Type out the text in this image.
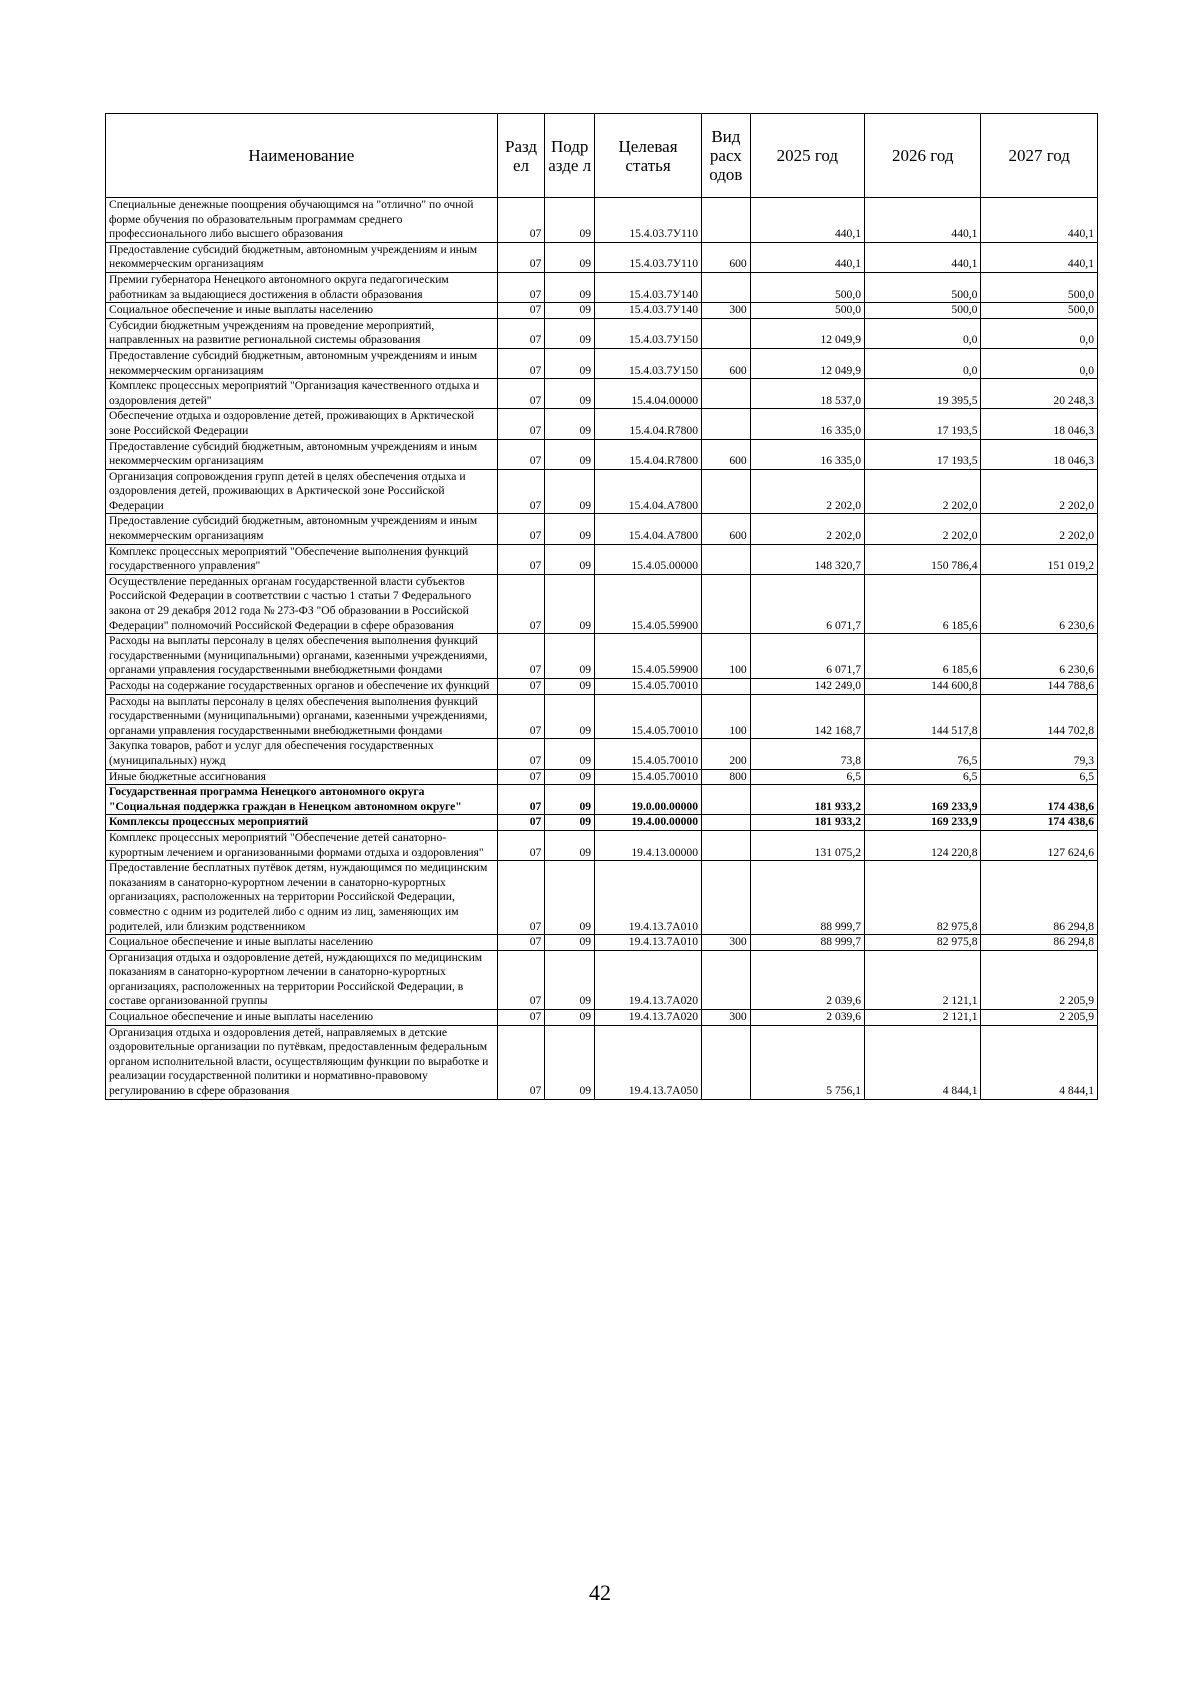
Наименование	Разд ел	Подр азде л	Целевая статья	Вид расх одов	2025 год	2026 год	2027 год
Специальные денежные поощрения обучающимся на "отлично" по очной форме обучения по образовательным программам среднего профессионального либо высшего образования	07	09	15.4.03.7У110		440,1	440,1	440,1
Предоставление субсидий бюджетным, автономным учреждениям и иным некоммерческим организациям	07	09	15.4.03.7У110	600	440,1	440,1	440,1
Премии губернатора Ненецкого автономного округа педагогическим работникам за выдающиеся достижения в области образования	07	09	15.4.03.7У140		500,0	500,0	500,0
Социальное обеспечение и иные выплаты населению	07	09	15.4.03.7У140	300	500,0	500,0	500,0
Субсидии бюджетным учреждениям на проведение мероприятий, направленных на развитие региональной системы образования	07	09	15.4.03.7У150		12 049,9	0,0	0,0
Предоставление субсидий бюджетным, автономным учреждениям и иным некоммерческим организациям	07	09	15.4.03.7У150	600	12 049,9	0,0	0,0
Комплекс процессных мероприятий "Организация качественного отдыха и оздоровления детей"	07	09	15.4.04.00000		18 537,0	19 395,5	20 248,3
Обеспечение отдыха и оздоровление детей, проживающих в Арктической зоне Российской Федерации	07	09	15.4.04.R7800		16 335,0	17 193,5	18 046,3
Предоставление субсидий бюджетным, автономным учреждениям и иным некоммерческим организациям	07	09	15.4.04.R7800	600	16 335,0	17 193,5	18 046,3
Организация сопровождения групп детей в целях обеспечения отдыха и оздоровления детей, проживающих в Арктической зоне Российской Федерации	07	09	15.4.04.А7800		2 202,0	2 202,0	2 202,0
Предоставление субсидий бюджетным, автономным учреждениям и иным некоммерческим организациям	07	09	15.4.04.А7800	600	2 202,0	2 202,0	2 202,0
Комплекс процессных мероприятий "Обеспечение выполнения функций государственного управления"	07	09	15.4.05.00000		148 320,7	150 786,4	151 019,2
Осуществление переданных органам государственной власти субъектов Российской Федерации в соответствии с частью 1 статьи 7 Федерального закона от 29 декабря 2012 года № 273-ФЗ "Об образовании в Российской Федерации" полномочий Российской Федерации в сфере образования	07	09	15.4.05.59900		6 071,7	6 185,6	6 230,6
Расходы на выплаты персоналу в целях обеспечения выполнения функций государственными (муниципальными) органами, казенными учреждениями, органами управления государственными внебюджетными фондами	07	09	15.4.05.59900	100	6 071,7	6 185,6	6 230,6
Расходы на содержание государственных органов и обеспечение их функций	07	09	15.4.05.70010		142 249,0	144 600,8	144 788,6
Расходы на выплаты персоналу в целях обеспечения выполнения функций государственными (муниципальными) органами, казенными учреждениями, органами управления государственными внебюджетными фондами	07	09	15.4.05.70010	100	142 168,7	144 517,8	144 702,8
Закупка товаров, работ и услуг для обеспечения государственных (муниципальных) нужд	07	09	15.4.05.70010	200	73,8	76,5	79,3
Иные бюджетные ассигнования	07	09	15.4.05.70010	800	6,5	6,5	6,5
Государственная программа Ненецкого автономного округа "Социальная поддержка граждан в Ненецком автономном округе"	07	09	19.0.00.00000		181 933,2	169 233,9	174 438,6
Комплексы процессных мероприятий	07	09	19.4.00.00000		181 933,2	169 233,9	174 438,6
Комплекс процессных мероприятий "Обеспечение детей санаторно-курортным лечением и организованными формами отдыха и оздоровления"	07	09	19.4.13.00000		131 075,2	124 220,8	127 624,6
Предоставление бесплатных путёвок детям, нуждающимся по медицинским показаниям в санаторно-курортном лечении в санаторно-курортных организациях, расположенных на территории Российской Федерации, совместно с одним из родителей либо с одним из лиц, заменяющих им родителей, или близким родственником	07	09	19.4.13.7А010		88 999,7	82 975,8	86 294,8
Социальное обеспечение и иные выплаты населению	07	09	19.4.13.7А010	300	88 999,7	82 975,8	86 294,8
Организация отдыха и оздоровление детей, нуждающихся по медицинским показаниям в санаторно-курортном лечении в санаторно-курортных организациях, расположенных на территории Российской Федерации, в составе организованной группы	07	09	19.4.13.7А020		2 039,6	2 121,1	2 205,9
Социальное обеспечение и иные выплаты населению	07	09	19.4.13.7А020	300	2 039,6	2 121,1	2 205,9
Организация отдыха и оздоровления детей, направляемых в детские оздоровительные организации по путёвкам, предоставленным федеральным органом исполнительной власти, осуществляющим функции по выработке и реализации государственной политики и нормативно-правовому регулированию в сфере образования	07	09	19.4.13.7А050		5 756,1	4 844,1	4 844,1
42
